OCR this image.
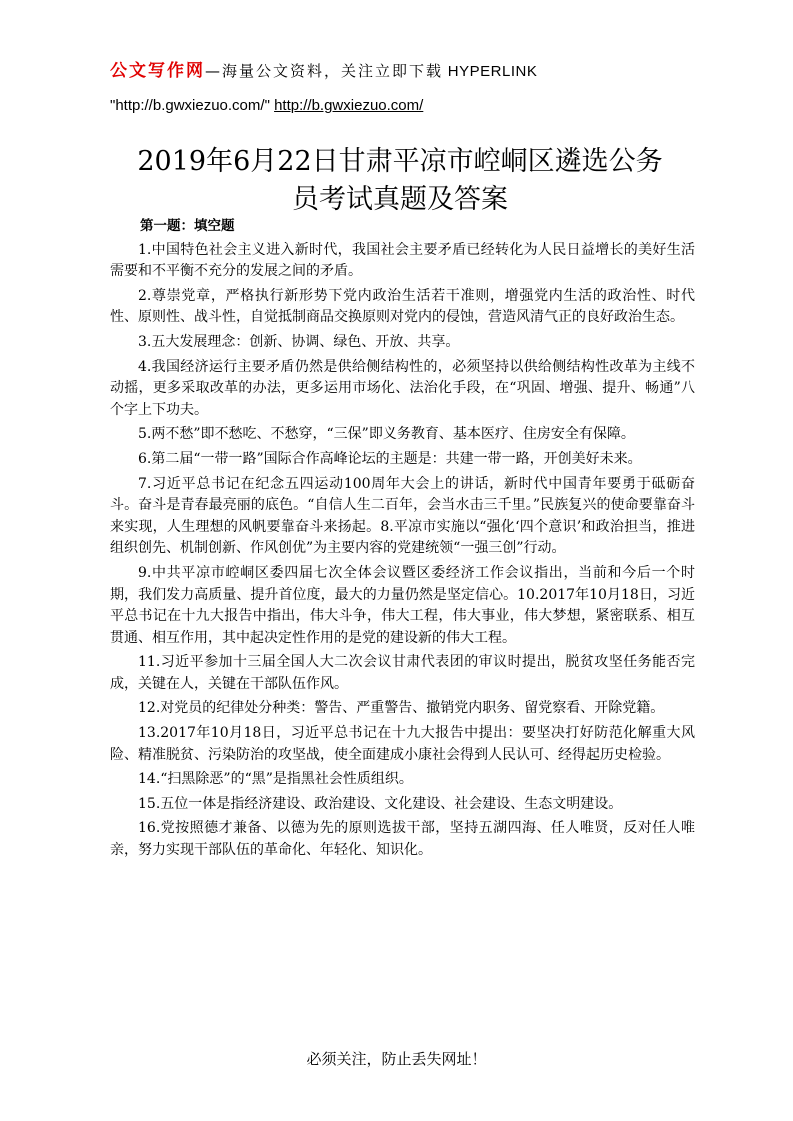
公文写作网—海量公文资料，关注立即下载 HYPERLINK
"http://b.gwxiezuo.com/" http://b.gwxiezuo.com/
2019年6月22日甘肃平凉市崆峒区遴选公务
员考试真题及答案
第一题：填空题

1.中国特色社会主义进入新时代，我国社会主要矛盾已经转化为人民日益增长的美好生活需要和不平衡不充分的发展之间的矛盾。

2.尊崇党章，严格执行新形势下党内政治生活若干准则，增强党内生活的政治性、时代性、原则性、战斗性，自觉抵制商品交换原则对党内的侵蚀，营造风清气正的良好政治生态。

3.五大发展理念：创新、协调、绿色、开放、共享。

4.我国经济运行主要矛盾仍然是供给侧结构性的，必须坚持以供给侧结构性改革为主线不动摇，更多采取改革的办法，更多运用市场化、法治化手段，在“巩固、增强、提升、畅通”八个字上下功夫。

5.两不愁”即不愁吃、不愁穿，“三保”即义务教育、基本医疗、住房安全有保障。

6.第二届“一带一路”国际合作高峰论坛的主题是：共建一带一路，开创美好未来。

7.习近平总书记在纪念五四运动100周年大会上的讲话，新时代中国青年要勇于砥砺奋斗。奋斗是青春最亮丽的底色。“自信人生二百年，会当水击三千里。”民族复兴的使命要靠奋斗来实现，人生理想的风帆要靠奋斗来扬起。8.平凉市实施以“强化‘四个意识’和政治担当，推进组织创先、机制创新、作风创优”为主要内容的党建统领“一强三创”行动。

9.中共平凉市崆峒区委四届七次全体会议暨区委经济工作会议指出，当前和今后一个时期，我们发力高质量、提升首位度，最大的力量仍然是坚定信心。10.2017年10月18日，习近平总书记在十九大报告中指出，伟大斗争，伟大工程，伟大事业，伟大梦想，紧密联系、相互贯通、相互作用，其中起决定性作用的是党的建设新的伟大工程。

11.习近平参加十三届全国人大二次会议甘肃代表团的审议时提出，脱贫攻坚任务能否完成，关键在人，关键在干部队伍作风。

12.对党员的纪律处分种类：警告、严重警告、撤销党内职务、留党察看、开除党籍。

13.2017年10月18日，习近平总书记在十九大报告中提出：要坚决打好防范化解重大风险、精准脱贫、污染防治的攻坚战，使全面建成小康社会得到人民认可、经得起历史检验。

14.“扫黑除恶”的“黑”是指黑社会性质组织。

15.五位一体是指经济建设、政治建设、文化建设、社会建设、生态文明建设。

16.党按照德才兼备、以德为先的原则选拔干部，坚持五湖四海、任人唯贤，反对任人唯亲，努力实现干部队伍的革命化、年轻化、知识化。

必须关注，防止丢失网址！
